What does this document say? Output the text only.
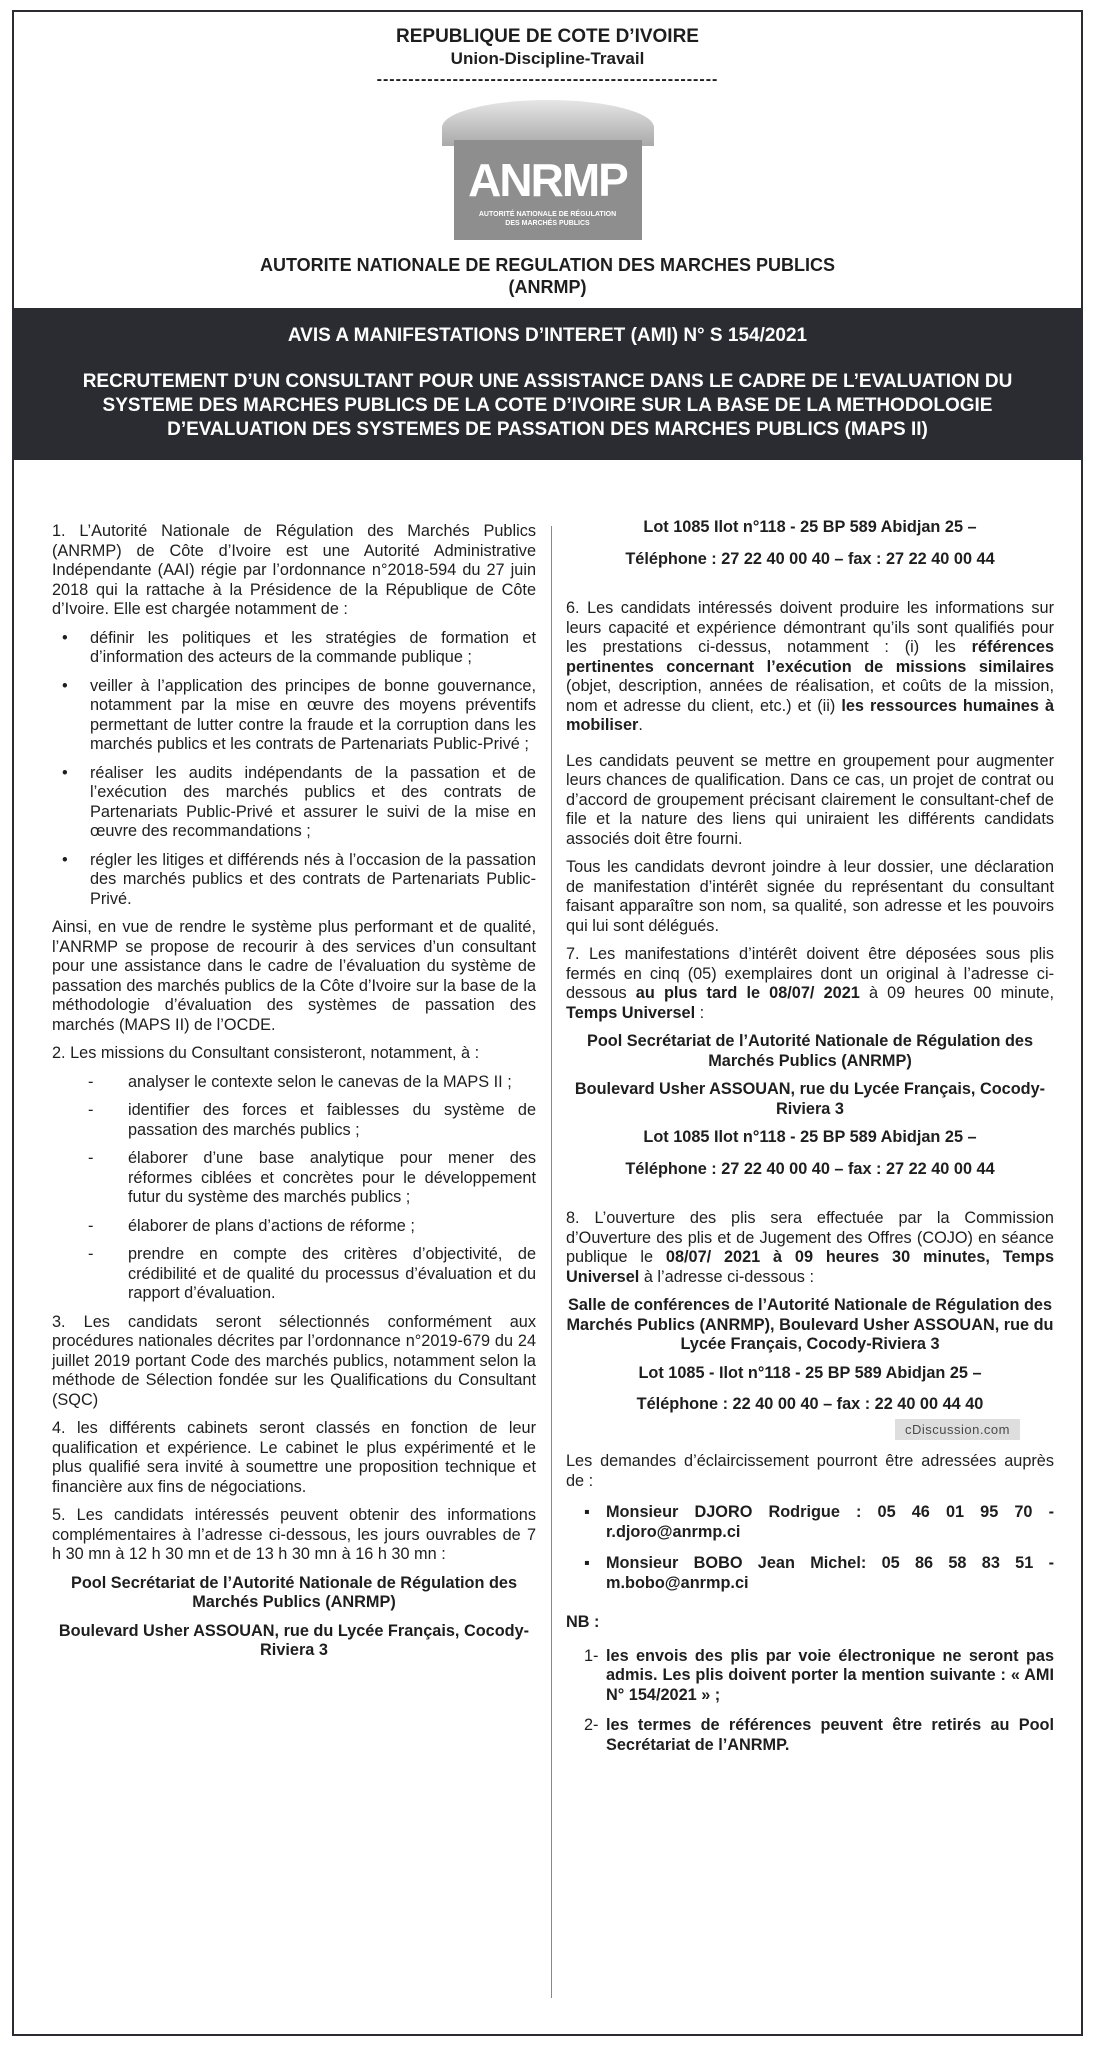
REPUBLIQUE DE COTE D’IVOIRE
Union-Discipline-Travail
------------------------------------------------------
ANRMP
AUTORITÉ NATIONALE DE RÉGULATION DES MARCHÉS PUBLICS
AUTORITE NATIONALE DE REGULATION DES MARCHES PUBLICS
(ANRMP)
AVIS A MANIFESTATIONS D’INTERET (AMI) N° S 154/2021
RECRUTEMENT D’UN CONSULTANT POUR UNE ASSISTANCE DANS LE CADRE DE L’EVALUATION DU SYSTEME DES MARCHES PUBLICS DE LA COTE D’IVOIRE SUR LA BASE DE LA METHODOLOGIE D’EVALUATION DES SYSTEMES DE PASSATION DES MARCHES PUBLICS (MAPS II)

1. L’Autorité Nationale de Régulation des Marchés Publics (ANRMP) de Côte d’Ivoire est une Autorité Administrative Indépendante (AAI) régie par l’ordonnance n°2018-594 du 27 juin 2018 qui la rattache à la Présidence de la République de Côte d’Ivoire. Elle est chargée notamment de :

• définir les politiques et les stratégies de formation et d’information des acteurs de la commande publique ;
• veiller à l’application des principes de bonne gouvernance, notamment par la mise en œuvre des moyens préventifs permettant de lutter contre la fraude et la corruption dans les marchés publics et les contrats de Partenariats Public-Privé ;
• réaliser les audits indépendants de la passation et de l’exécution des marchés publics et des contrats de Partenariats Public-Privé et assurer le suivi de la mise en œuvre des recommandations ;
• régler les litiges et différends nés à l’occasion de la passation des marchés publics et des contrats de Partenariats Public-Privé.

Ainsi, en vue de rendre le système plus performant et de qualité, l’ANRMP se propose de recourir à des services d’un consultant pour une assistance dans le cadre de l’évaluation du système de passation des marchés publics de la Côte d’Ivoire sur la base de la méthodologie d’évaluation des systèmes de passation des marchés (MAPS II) de l’OCDE.

2. Les missions du Consultant consisteront, notamment, à :

- analyser le contexte selon le canevas de la MAPS II ;
- identifier des forces et faiblesses du système de passation des marchés publics ;
- élaborer d’une base analytique pour mener des réformes ciblées et concrètes pour le développement futur du système des marchés publics ;
- élaborer de plans d’actions de réforme ;
- prendre en compte des critères d’objectivité, de crédibilité et de qualité du processus d’évaluation et du rapport d’évaluation.

3. Les candidats seront sélectionnés conformément aux procédures nationales décrites par l’ordonnance n°2019-679 du 24 juillet 2019 portant Code des marchés publics, notamment selon la méthode de Sélection fondée sur les Qualifications du Consultant (SQC)

4. les différents cabinets seront classés en fonction de leur qualification et expérience. Le cabinet le plus expérimenté et le plus qualifié sera invité à soumettre une proposition technique et financière aux fins de négociations.

5. Les candidats intéressés peuvent obtenir des informations complémentaires à l’adresse ci-dessous, les jours ouvrables de 7 h 30 mn à 12 h 30 mn et de 13 h 30 mn à 16 h 30 mn :

Pool Secrétariat de l’Autorité Nationale de Régulation des Marchés Publics (ANRMP)

Boulevard Usher ASSOUAN, rue du Lycée Français, Cocody-Riviera 3

Lot 1085 Ilot n°118 - 25 BP 589 Abidjan 25 –

Téléphone : 27 22 40 00 40 – fax : 27 22 40 00 44

6. Les candidats intéressés doivent produire les informations sur leurs capacité et expérience démontrant qu’ils sont qualifiés pour les prestations ci-dessus, notamment : (i) les références pertinentes concernant l’exécution de missions similaires (objet, description, années de réalisation, et coûts de la mission, nom et adresse du client, etc.) et (ii) les ressources humaines à mobiliser.

Les candidats peuvent se mettre en groupement pour augmenter leurs chances de qualification. Dans ce cas, un projet de contrat ou d’accord de groupement précisant clairement le consultant-chef de file et la nature des liens qui uniraient les différents candidats associés doit être fourni.

Tous les candidats devront joindre à leur dossier, une déclaration de manifestation d’intérêt signée du représentant du consultant faisant apparaître son nom, sa qualité, son adresse et les pouvoirs qui lui sont délégués.

7. Les manifestations d’intérêt doivent être déposées sous plis fermés en cinq (05) exemplaires dont un original à l’adresse ci-dessous au plus tard le 08/07/ 2021 à 09 heures 00 minute, Temps Universel :

Pool Secrétariat de l’Autorité Nationale de Régulation des Marchés Publics (ANRMP)

Boulevard Usher ASSOUAN, rue du Lycée Français, Cocody-Riviera 3

Lot 1085 Ilot n°118 - 25 BP 589 Abidjan 25 –

Téléphone : 27 22 40 00 40 – fax : 27 22 40 00 44

8. L’ouverture des plis sera effectuée par la Commission d’Ouverture des plis et de Jugement des Offres (COJO) en séance publique le 08/07/ 2021 à 09 heures 30 minutes, Temps Universel à l’adresse ci-dessous :

Salle de conférences de l’Autorité Nationale de Régulation des Marchés Publics (ANRMP), Boulevard Usher ASSOUAN, rue du Lycée Français, Cocody-Riviera 3

Lot 1085 - Ilot n°118 - 25 BP 589 Abidjan 25 –

Téléphone : 22 40 00 40 – fax : 22 40 00 44 40

cDiscussion.com

Les demandes d’éclaircissement pourront être adressées auprès de :

▪ Monsieur DJORO Rodrigue : 05 46 01 95 70 - r.djoro@anrmp.ci
▪ Monsieur BOBO Jean Michel: 05 86 58 83 51 - m.bobo@anrmp.ci

NB :

1- les envois des plis par voie électronique ne seront pas admis. Les plis doivent porter la mention suivante : « AMI N° 154/2021 » ;
2- les termes de références peuvent être retirés au Pool Secrétariat de l’ANRMP.
